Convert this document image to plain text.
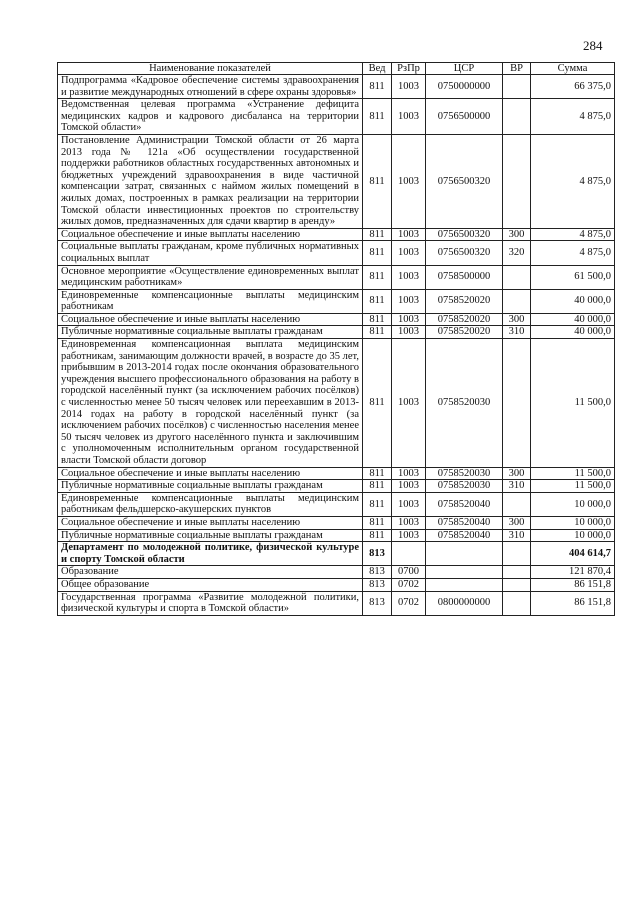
284
Наименование показателей	Вед	РзПр	ЦСР	ВР	Сумма
Подпрограмма «Кадровое обеспечение системы здравоохранения и развитие международных отношений в сфере охраны здоровья»	811	1003	0750000000		66 375,0
Ведомственная целевая программа «Устранение дефицита медицинских кадров и кадрового дисбаланса на территории Томской области»	811	1003	0756500000		4 875,0
Постановление Администрации Томской области от 26 марта 2013 года № 121а «Об осуществлении государственной поддержки работников областных государственных автономных и бюджетных учреждений здравоохранения в виде частичной компенсации затрат, связанных с наймом жилых помещений в жилых домах, построенных в рамках реализации на территории Томской области инвестиционных проектов по строительству жилых домов, предназначенных для сдачи квартир в аренду»	811	1003	0756500320		4 875,0
Социальное обеспечение и иные выплаты населению	811	1003	0756500320	300	4 875,0
Социальные выплаты гражданам, кроме публичных нормативных социальных выплат	811	1003	0756500320	320	4 875,0
Основное мероприятие «Осуществление единовременных выплат медицинским работникам»	811	1003	0758500000		61 500,0
Единовременные компенсационные выплаты медицинским работникам	811	1003	0758520020		40 000,0
Социальное обеспечение и иные выплаты населению	811	1003	0758520020	300	40 000,0
Публичные нормативные социальные выплаты гражданам	811	1003	0758520020	310	40 000,0
Единовременная компенсационная выплата медицинским работникам, занимающим должности врачей, в возрасте до 35 лет, прибывшим в 2013-2014 годах после окончания образовательного учреждения высшего профессионального образования на работу в городской населённый пункт (за исключением рабочих посёлков) с численностью менее 50 тысяч человек или переехавшим в 2013-2014 годах на работу в городской населённый пункт (за исключением рабочих посёлков) с численностью населения менее 50 тысяч человек из другого населённого пункта и заключившим с уполномоченным исполнительным органом государственной власти Томской области договор	811	1003	0758520030		11 500,0
Социальное обеспечение и иные выплаты населению	811	1003	0758520030	300	11 500,0
Публичные нормативные социальные выплаты гражданам	811	1003	0758520030	310	11 500,0
Единовременные компенсационные выплаты медицинским работникам фельдшерско-акушерских пунктов	811	1003	0758520040		10 000,0
Социальное обеспечение и иные выплаты населению	811	1003	0758520040	300	10 000,0
Публичные нормативные социальные выплаты гражданам	811	1003	0758520040	310	10 000,0
Департамент по молодежной политике, физической культуре и спорту Томской области	813				404 614,7
Образование	813	0700			121 870,4
Общее образование	813	0702			86 151,8
Государственная программа «Развитие молодежной политики, физической культуры и спорта в Томской области»	813	0702	0800000000		86 151,8
